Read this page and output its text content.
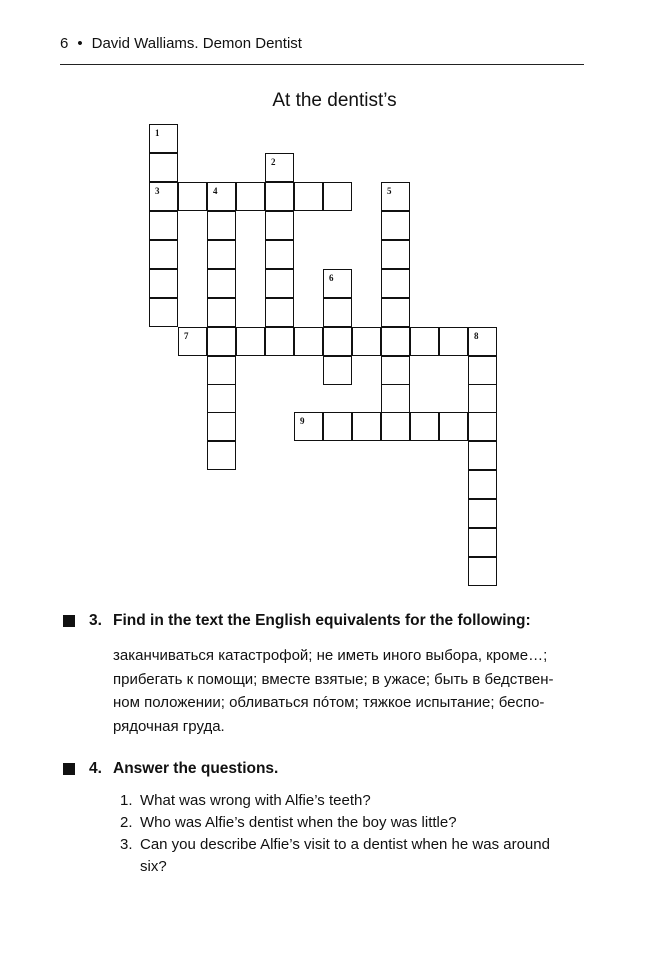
6 • David Walliams. Demon Dentist
At the dentist’s
1
3
2
4	5
6
7	8
9
3. Find in the text the English equivalents for the following:
заканчиваться катастрофой; не иметь иного выбора, кроме…;
прибегать к помощи; вместе взятые; в ужасе; быть в бедствен-
ном положении; обливаться пóтом; тяжкое испытание; беспо-
рядочная груда.
4. Answer the questions.
1. What was wrong with Alfie’s teeth?
2. Who was Alfie’s dentist when the boy was little?
3. Can you describe Alfie’s visit to a dentist when he was around
six?
